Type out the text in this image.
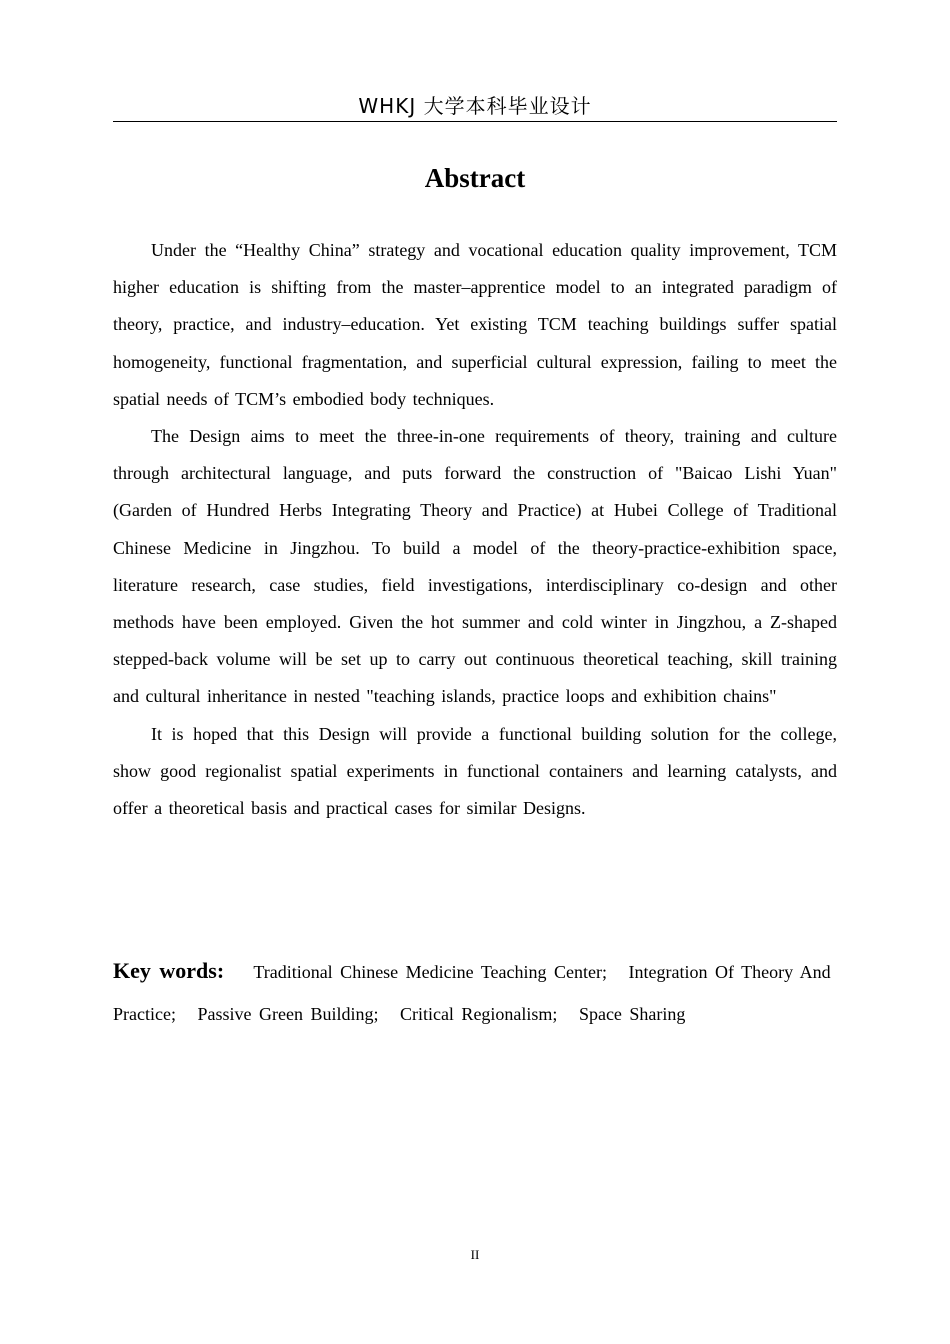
WHKJ 大学本科毕业设计
Abstract

Under the “Healthy China” strategy and vocational education quality improvement, TCM higher education is shifting from the master–apprentice model to an integrated paradigm of theory, practice, and industry–education. Yet existing TCM teaching buildings suffer spatial homogeneity, functional fragmentation, and superficial cultural expression, failing to meet the spatial needs of TCM’s embodied body techniques.

The Design aims to meet the three-in-one requirements of theory, training and culture through architectural language, and puts forward the construction of "Baicao Lishi Yuan" (Garden of Hundred Herbs Integrating Theory and Practice) at Hubei College of Traditional Chinese Medicine in Jingzhou. To build a model of the theory-practice-exhibition space, literature research, case studies, field investigations, interdisciplinary co-design and other methods have been employed. Given the hot summer and cold winter in Jingzhou, a Z-shaped stepped-back volume will be set up to carry out continuous theoretical teaching, skill training and cultural inheritance in nested "teaching islands, practice loops and exhibition chains"

It is hoped that this Design will provide a functional building solution for the college, show good regionalist spatial experiments in functional containers and learning catalysts, and offer a theoretical basis and practical cases for similar Designs.

Key words: Traditional Chinese Medicine Teaching Center; Integration Of Theory And Practice; Passive Green Building; Critical Regionalism; Space Sharing
II
